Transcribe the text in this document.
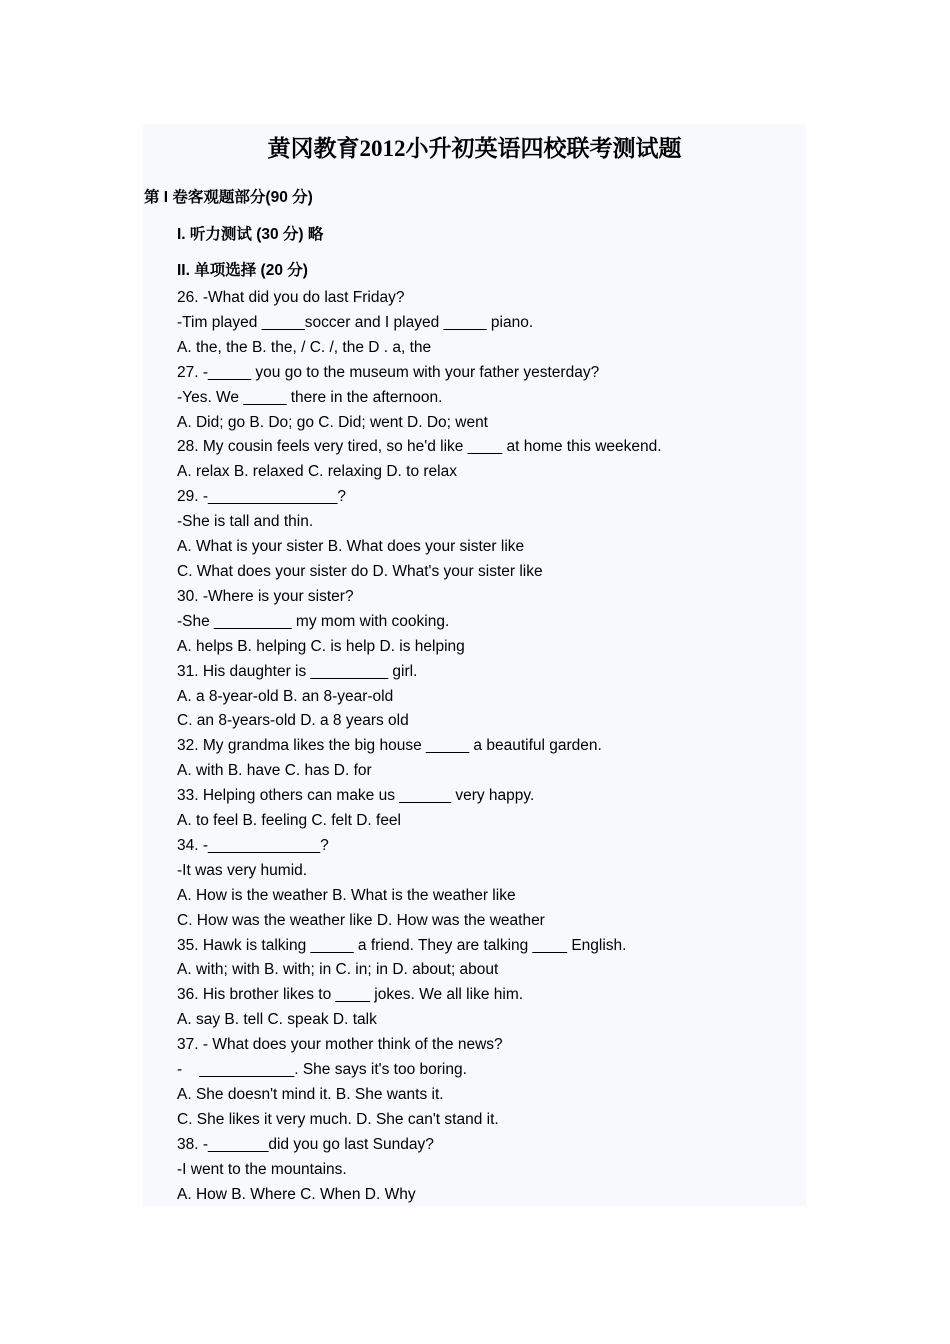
黄冈教育2012小升初英语四校联考测试题
第 I 卷客观题部分(90 分)
I. 听力测试 (30 分) 略
II. 单项选择 (20 分)
26. -What did you do last Friday?
-Tim played _____soccer and I played _____ piano.
A. the, the B. the, / C. /, the D . a, the
27. -_____ you go to the museum with your father yesterday?
-Yes. We _____ there in the afternoon.
A. Did; go B. Do; go C. Did; went D. Do; went
28. My cousin feels very tired, so he'd like ____ at home this weekend.
A. relax B. relaxed C. relaxing D. to relax
29. -_______________?
-She is tall and thin.
A. What is your sister B. What does your sister like
C. What does your sister do D. What's your sister like
30. -Where is your sister?
-She _________ my mom with cooking.
A. helps B. helping C. is help D. is helping
31. His daughter is _________ girl.
A. a 8-year-old B. an 8-year-old
C. an 8-years-old D. a 8 years old
32. My grandma likes the big house _____ a beautiful garden.
A. with B. have C. has D. for
33. Helping others can make us ______ very happy.
A. to feel B. feeling C. felt D. feel
34. -_____________?
-It was very humid.
A. How is the weather B. What is the weather like
C. How was the weather like D. How was the weather
35. Hawk is talking _____ a friend. They are talking ____ English.
A. with; with B. with; in C. in; in D. about; about
36. His brother likes to ____ jokes. We all like him.
A. say B. tell C. speak D. talk
37. - What does your mother think of the news?
-    ___________. She says it's too boring.
A. She doesn't mind it. B. She wants it.
C. She likes it very much. D. She can't stand it.
38. -_______did you go last Sunday?
-I went to the mountains.
A. How B. Where C. When D. Why
